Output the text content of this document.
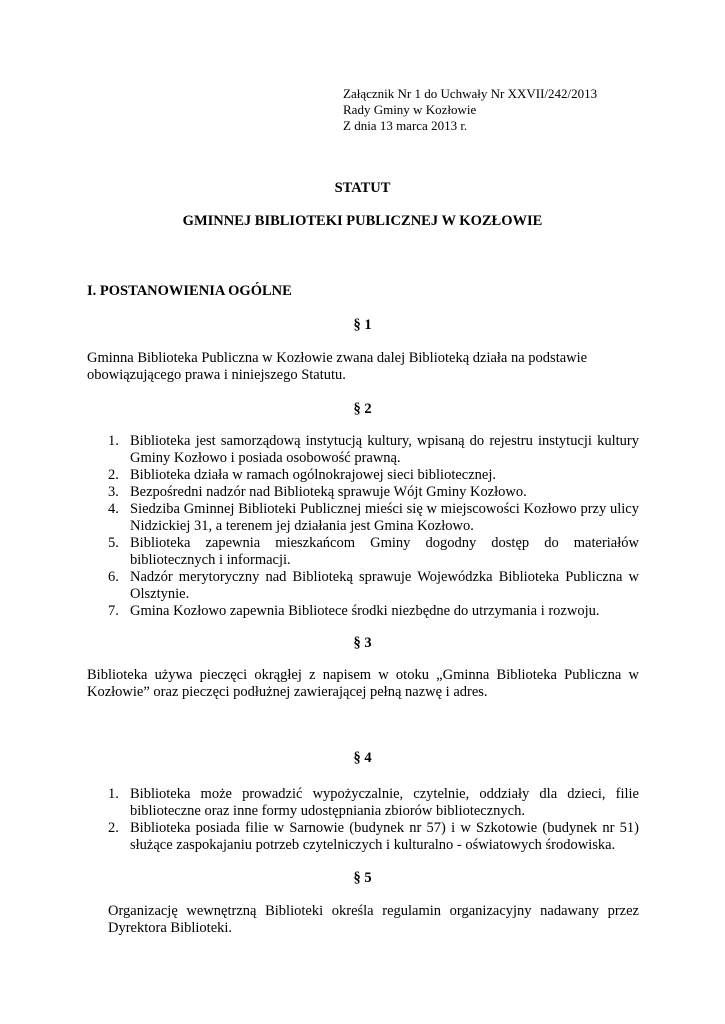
Załącznik Nr 1 do Uchwały Nr XXVII/242/2013
Rady Gminy w Kozłowie
Z dnia 13 marca 2013 r.
STATUT
GMINNEJ BIBLIOTEKI PUBLICZNEJ W KOZŁOWIE
I. POSTANOWIENIA OGÓLNE
§ 1
Gminna Biblioteka Publiczna w Kozłowie zwana dalej Biblioteką działa na podstawie obowiązującego prawa i niniejszego Statutu.
§ 2
1. Biblioteka jest samorządową instytucją kultury, wpisaną do rejestru instytucji kultury Gminy Kozłowo i posiada osobowość prawną.
2. Biblioteka działa w ramach ogólnokrajowej sieci bibliotecznej.
3. Bezpośredni nadzór nad Biblioteką sprawuje Wójt Gminy Kozłowo.
4. Siedziba Gminnej Biblioteki Publicznej mieści się w miejscowości Kozłowo przy ulicy Nidzickiej 31, a terenem jej działania jest Gmina Kozłowo.
5. Biblioteka zapewnia mieszkańcom Gminy dogodny dostęp do materiałów bibliotecznych i informacji.
6. Nadzór merytoryczny nad Biblioteką sprawuje Wojewódzka Biblioteka Publiczna w Olsztynie.
7. Gmina Kozłowo zapewnia Bibliotece środki niezbędne do utrzymania i rozwoju.
§ 3
Biblioteka używa pieczęci okrągłej z napisem w otoku „Gminna Biblioteka Publiczna w Kozłowie” oraz pieczęci podłużnej zawierającej pełną nazwę i adres.
§ 4
1. Biblioteka może prowadzić wypożyczalnie, czytelnie, oddziały dla dzieci, filie biblioteczne oraz inne formy udostępniania zbiorów bibliotecznych.
2. Biblioteka posiada filie w Sarnowie (budynek nr 57) i w Szkotowie (budynek nr 51) służące zaspokajaniu potrzeb czytelniczych i kulturalno - oświatowych środowiska.
§ 5
Organizację wewnętrzną Biblioteki określa regulamin organizacyjny nadawany przez Dyrektora Biblioteki.
